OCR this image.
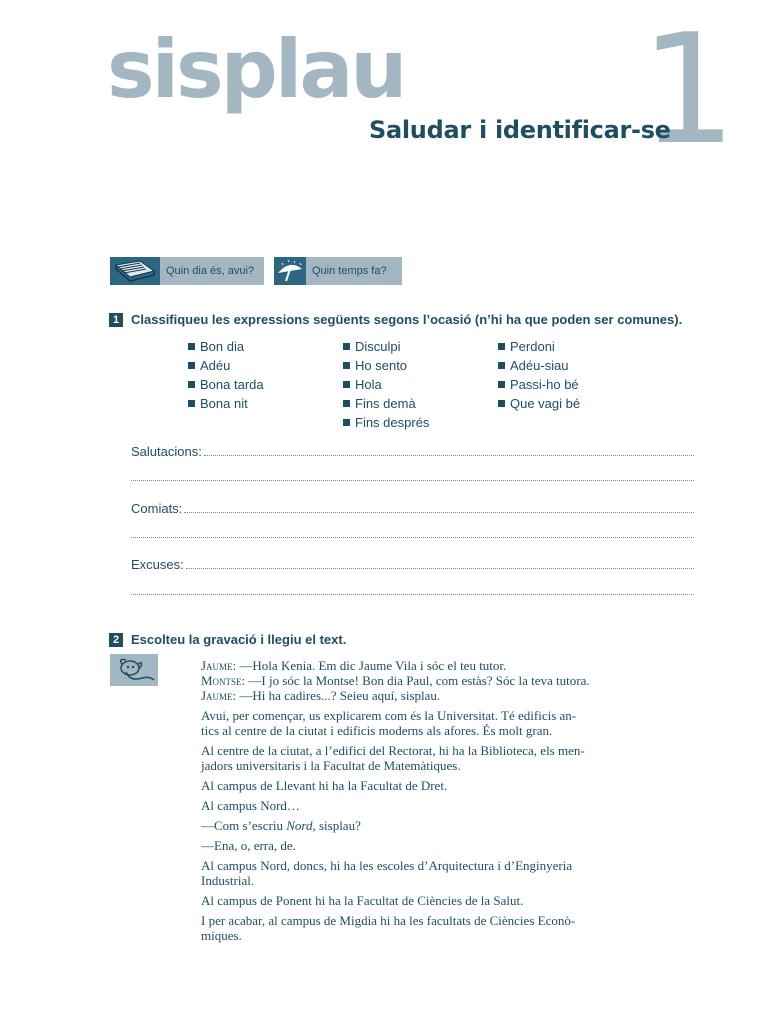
sisplau 1
Saludar i identificar-se
Quin dia és, avui?	Quin temps fa?
1 Classifiqueu les expressions següents segons l’ocasió (n’hi ha que poden ser comunes).
Bon dia
Adéu
Bona tarda
Bona nit
Disculpi
Ho sento
Hola
Fins demà
Fins després
Perdoni
Adéu-siau
Passi-ho bé
Que vagi bé
Salutacions:
Comiats:
Excuses:
2 Escolteu la gravació i llegiu el text.

Jaume: —Hola Kenia. Em dic Jaume Vila i sóc el teu tutor.

Montse: —I jo sóc la Montse! Bon dia Paul, com estàs? Sóc la teva tutora.

Jaume: —Hi ha cadires...? Seieu aquí, sisplau.

Avui, per començar, us explicarem com és la Universitat. Té edificis an-

tics al centre de la ciutat i edificis moderns als afores. És molt gran.

Al centre de la ciutat, a l’edifici del Rectorat, hi ha la Biblioteca, els men-

jadors universitaris i la Facultat de Matemàtiques.

Al campus de Llevant hi ha la Facultat de Dret.

Al campus Nord…

—Com s’escriu Nord, sisplau?

—Ena, o, erra, de.

Al campus Nord, doncs, hi ha les escoles d’Arquitectura i d’Enginyeria

Industrial.

Al campus de Ponent hi ha la Facultat de Ciències de la Salut.

I per acabar, al campus de Migdia hi ha les facultats de Ciències Econò-

miques.
